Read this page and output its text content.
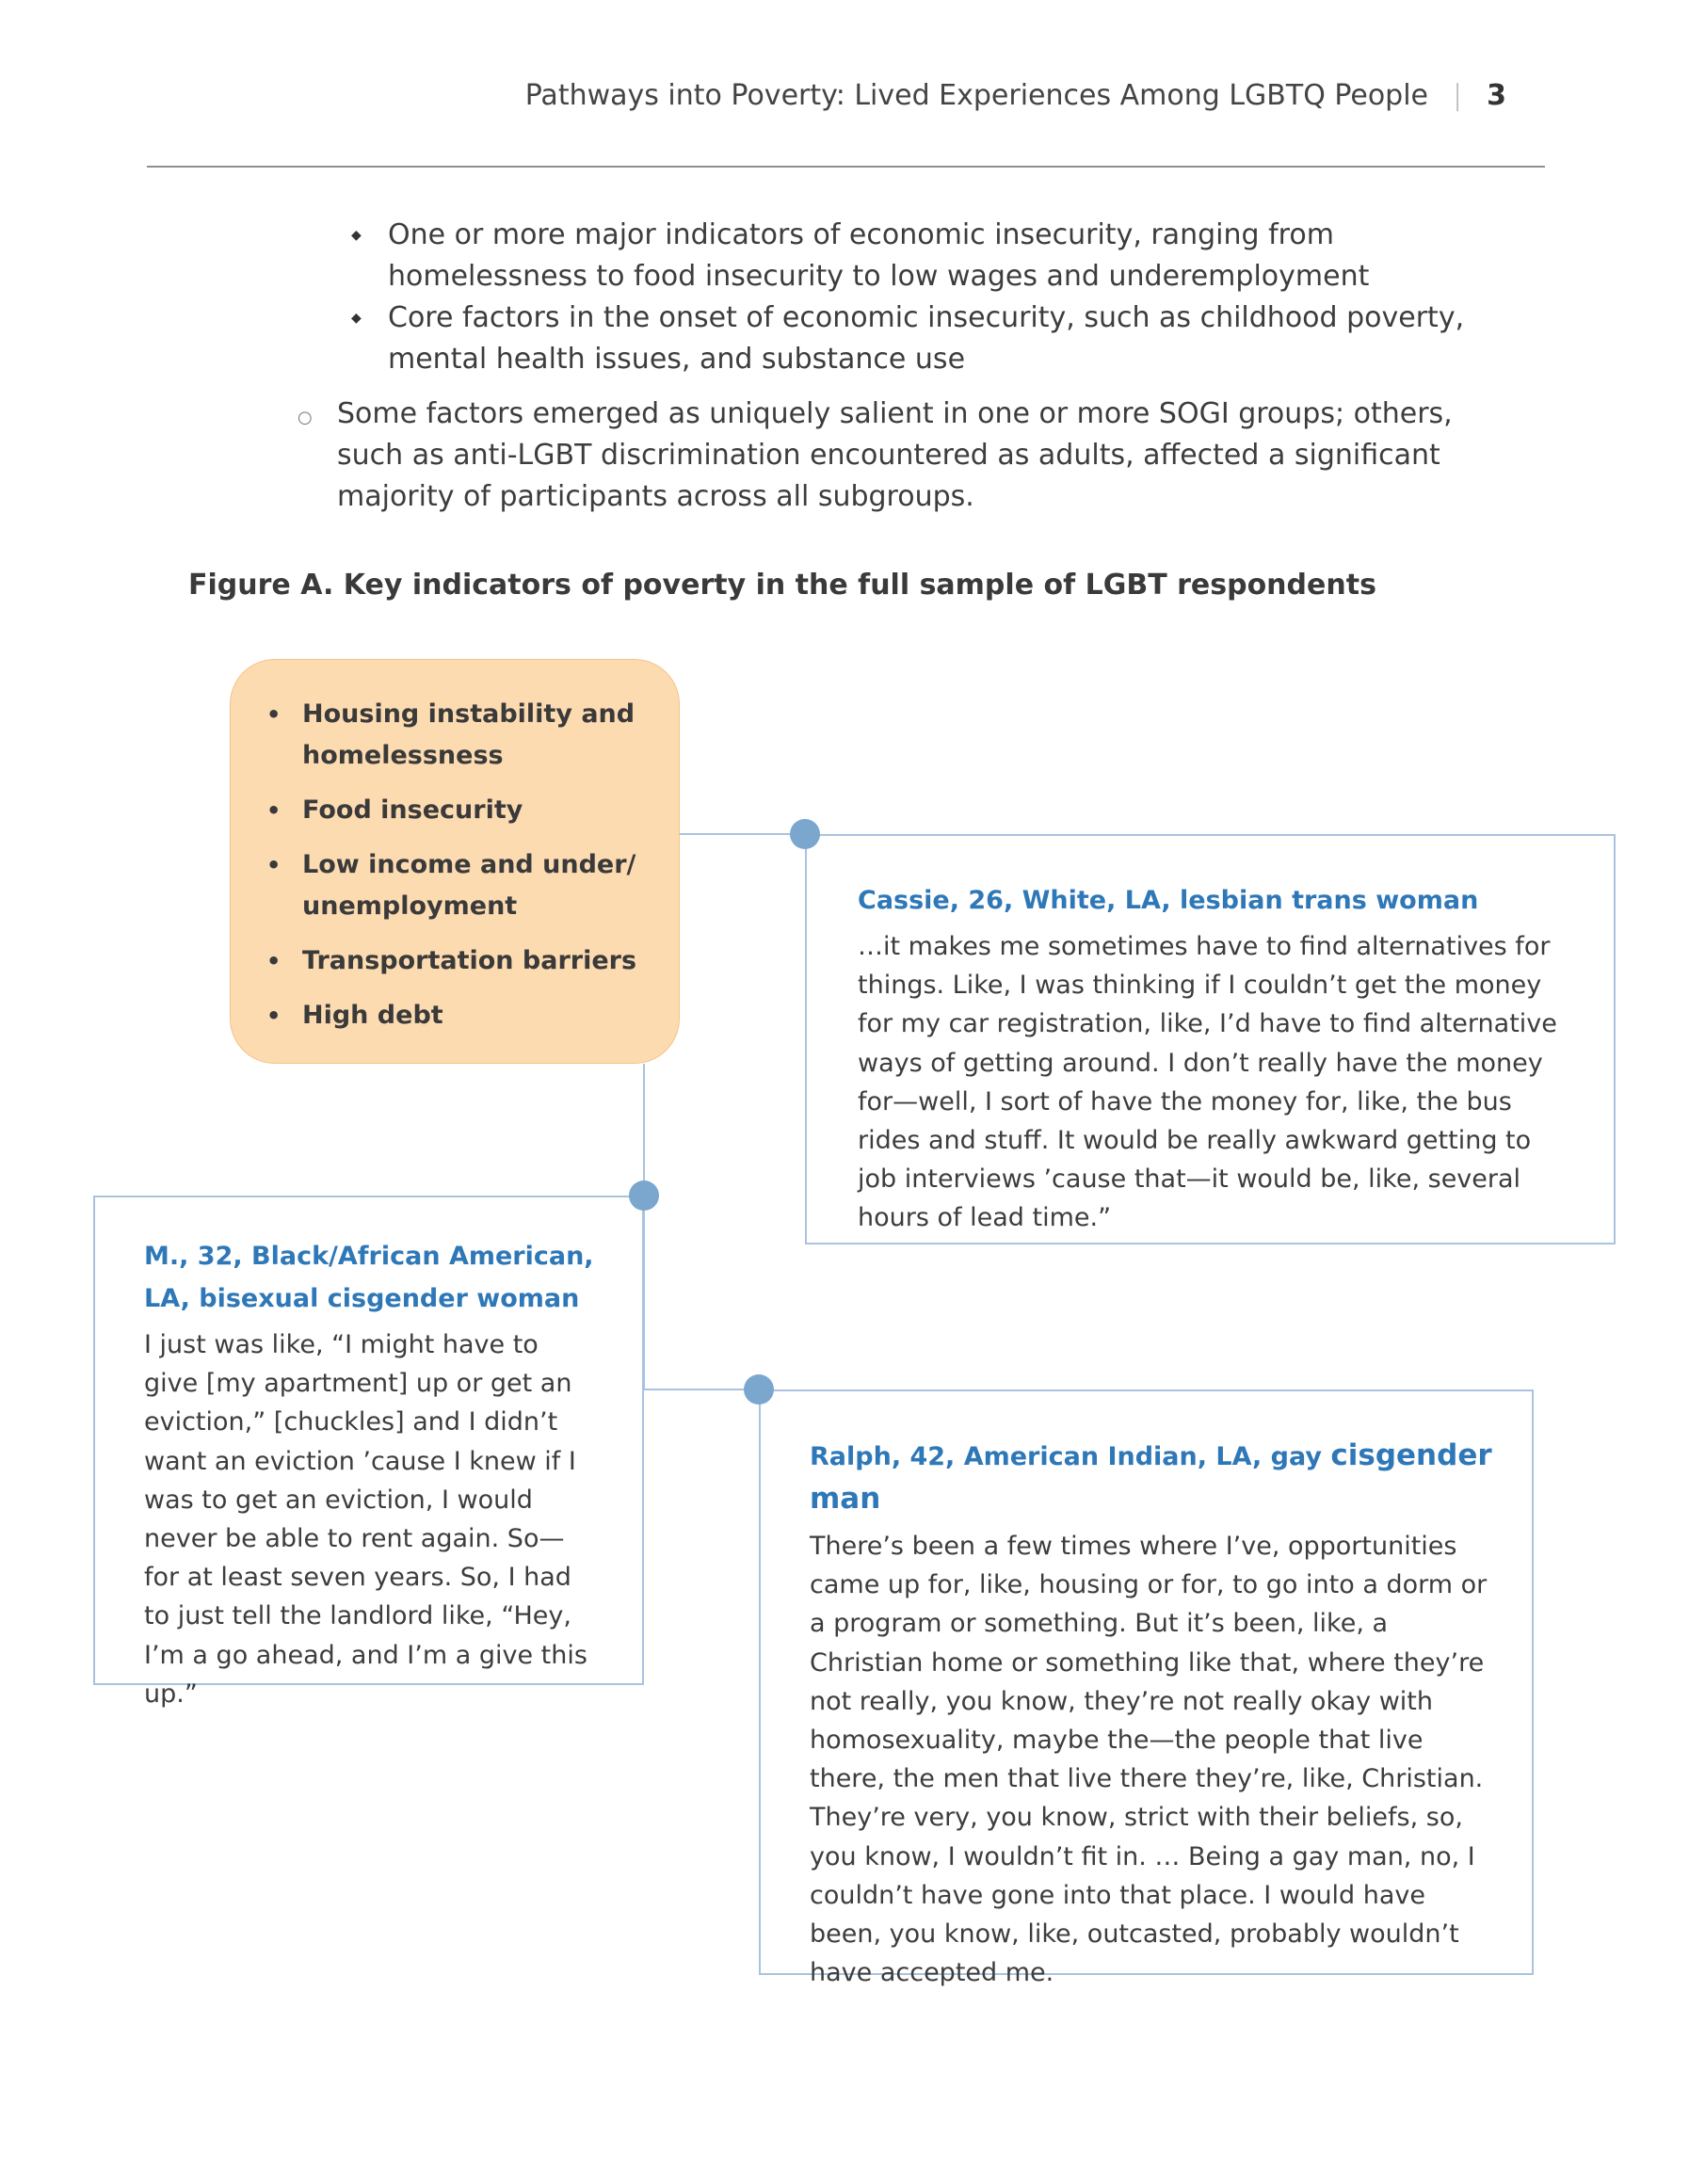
Pathways into Poverty: Lived Experiences Among LGBTQ People | 3
◆ One or more major indicators of economic insecurity, ranging from homelessness to food insecurity to low wages and underemployment
◆ Core factors in the onset of economic insecurity, such as childhood poverty, mental health issues, and substance use
○ Some factors emerged as uniquely salient in one or more SOGI groups; others, such as anti-LGBT discrimination encountered as adults, affected a significant majority of participants across all subgroups.
Figure A. Key indicators of poverty in the full sample of LGBT respondents
• Housing instability and homelessness
• Food insecurity
• Low income and under/ unemployment
• Transportation barriers
• High debt
Cassie, 26, White, LA, lesbian trans woman
…it makes me sometimes have to find alternatives for things. Like, I was thinking if I couldn’t get the money for my car registration, like, I’d have to find alternative ways of getting around. I don’t really have the money for—well, I sort of have the money for, like, the bus rides and stuff. It would be really awkward getting to job interviews ’cause that—it would be, like, several hours of lead time.”
M., 32, Black/African American, LA, bisexual cisgender woman
I just was like, “I might have to give [my apartment] up or get an eviction,” [chuckles] and I didn’t want an eviction ’cause I knew if I was to get an eviction, I would never be able to rent again. So—for at least seven years. So, I had to just tell the landlord like, “Hey, I’m a go ahead, and I’m a give this up.”
Ralph, 42, American Indian, LA, gay cisgender man
There’s been a few times where I’ve, opportunities came up for, like, housing or for, to go into a dorm or a program or something. But it’s been, like, a Christian home or something like that, where they’re not really, you know, they’re not really okay with homosexuality, maybe the—the people that live there, the men that live there they’re, like, Christian. They’re very, you know, strict with their beliefs, so, you know, I wouldn’t fit in. … Being a gay man, no, I couldn’t have gone into that place. I would have been, you know, like, outcasted, probably wouldn’t have accepted me.
